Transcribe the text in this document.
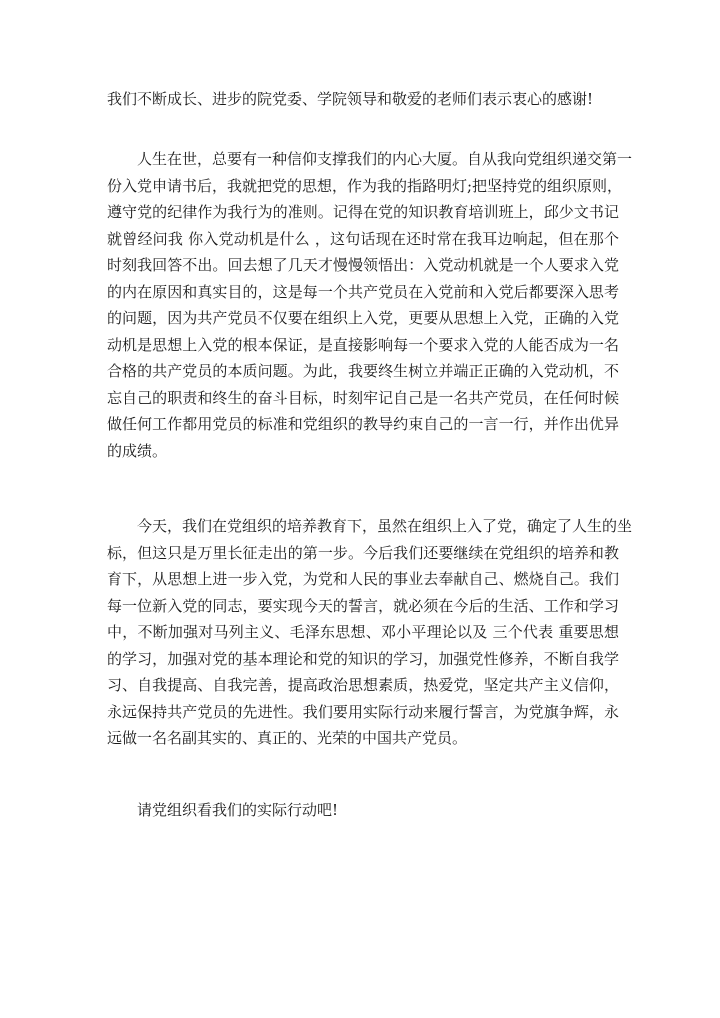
我们不断成长、进步的院党委、学院领导和敬爱的老师们表示衷心的感谢!
人生在世，总要有一种信仰支撑我们的内心大厦。自从我向党组织递交第一
份入党申请书后，我就把党的思想，作为我的指路明灯;把坚持党的组织原则，
遵守党的纪律作为我行为的准则。记得在党的知识教育培训班上，邱少文书记
就曾经问我 你入党动机是什么 ，这句话现在还时常在我耳边响起，但在那个
时刻我回答不出。回去想了几天才慢慢领悟出：入党动机就是一个人要求入党
的内在原因和真实目的，这是每一个共产党员在入党前和入党后都要深入思考
的问题，因为共产党员不仅要在组织上入党，更要从思想上入党，正确的入党
动机是思想上入党的根本保证，是直接影响每一个要求入党的人能否成为一名
合格的共产党员的本质问题。为此，我要终生树立并端正正确的入党动机，不
忘自己的职责和终生的奋斗目标，时刻牢记自己是一名共产党员，在任何时候
做任何工作都用党员的标准和党组织的教导约束自己的一言一行，并作出优异
的成绩。
今天，我们在党组织的培养教育下，虽然在组织上入了党，确定了人生的坐
标，但这只是万里长征走出的第一步。今后我们还要继续在党组织的培养和教
育下，从思想上进一步入党，为党和人民的事业去奉献自己、燃烧自己。我们
每一位新入党的同志，要实现今天的誓言，就必须在今后的生活、工作和学习
中，不断加强对马列主义、毛泽东思想、邓小平理论以及 三个代表 重要思想
的学习，加强对党的基本理论和党的知识的学习，加强党性修养，不断自我学
习、自我提高、自我完善，提高政治思想素质，热爱党，坚定共产主义信仰，
永远保持共产党员的先进性。我们要用实际行动来履行誓言，为党旗争辉，永
远做一名名副其实的、真正的、光荣的中国共产党员。
请党组织看我们的实际行动吧!
